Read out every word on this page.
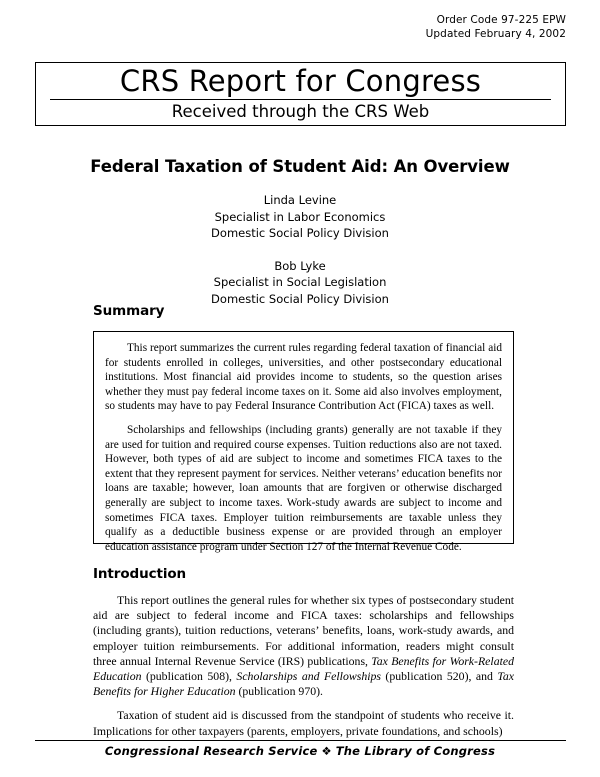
Order Code 97-225 EPW
Updated February 4, 2002
CRS Report for Congress
Received through the CRS Web
Federal Taxation of Student Aid: An Overview
Linda Levine
Specialist in Labor Economics
Domestic Social Policy Division
Bob Lyke
Specialist in Social Legislation
Domestic Social Policy Division
Summary

This report summarizes the current rules regarding federal taxation of financial aid for students enrolled in colleges, universities, and other postsecondary educational institutions. Most financial aid provides income to students, so the question arises whether they must pay federal income taxes on it. Some aid also involves employment, so students may have to pay Federal Insurance Contribution Act (FICA) taxes as well.

Scholarships and fellowships (including grants) generally are not taxable if they are used for tuition and required course expenses. Tuition reductions also are not taxed. However, both types of aid are subject to income and sometimes FICA taxes to the extent that they represent payment for services. Neither veterans’ education benefits nor loans are taxable; however, loan amounts that are forgiven or otherwise discharged generally are subject to income taxes. Work-study awards are subject to income and sometimes FICA taxes. Employer tuition reimbursements are taxable unless they qualify as a deductible business expense or are provided through an employer education assistance program under Section 127 of the Internal Revenue Code.

Introduction

This report outlines the general rules for whether six types of postsecondary student aid are subject to federal income and FICA taxes: scholarships and fellowships (including grants), tuition reductions, veterans’ benefits, loans, work-study awards, and employer tuition reimbursements. For additional information, readers might consult three annual Internal Revenue Service (IRS) publications, Tax Benefits for Work-Related Education (publication 508), Scholarships and Fellowships (publication 520), and Tax Benefits for Higher Education (publication 970).

Taxation of student aid is discussed from the standpoint of students who receive it. Implications for other taxpayers (parents, employers, private foundations, and schools)

Congressional Research Service ❖ The Library of Congress
